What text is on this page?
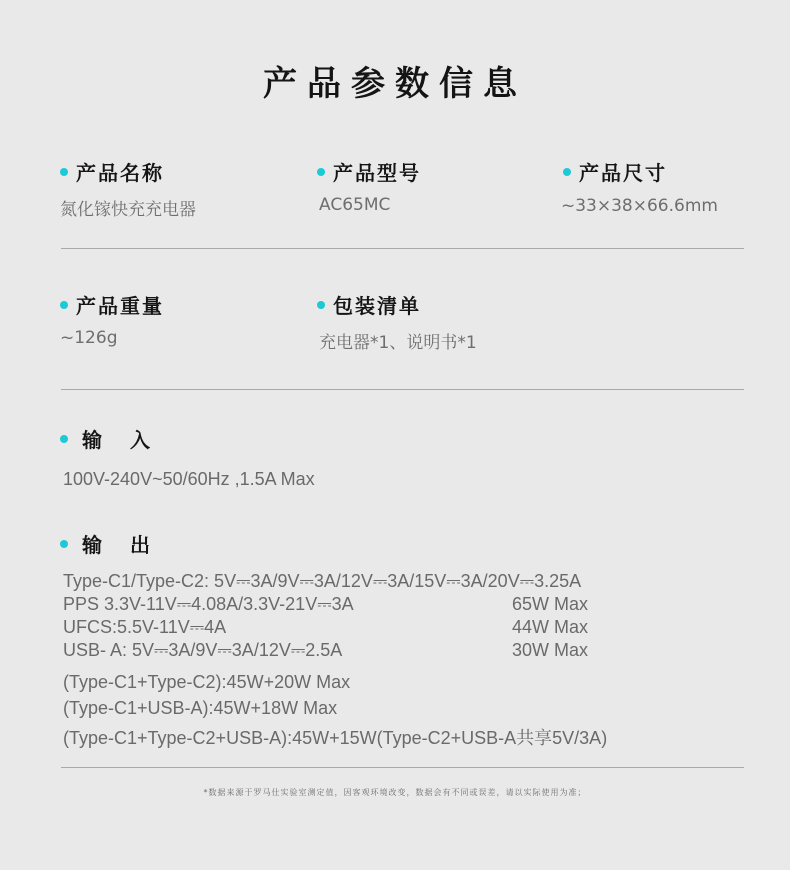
产品参数信息
产品名称
氮化镓快充充电器
产品型号
AC65MC
产品尺寸
~33×38×66.6mm
产品重量
~126g
包装清单
充电器*1、说明书*1
输　入
100V-240V~50/60Hz ,1.5A Max
输　出
Type-C1/Type-C2: 5V⎓3A/9V⎓3A/12V⎓3A/15V⎓3A/20V⎓3.25A
PPS 3.3V-11V⎓4.08A/3.3V-21V⎓3A	65W Max
UFCS:5.5V-11V⎓4A	44W Max
USB- A: 5V⎓3A/9V⎓3A/12V⎓2.5A	30W Max
(Type-C1+Type-C2):45W+20W Max
(Type-C1+USB-A):45W+18W Max
(Type-C1+Type-C2+USB-A):45W+15W(Type-C2+USB-A共享5V/3A)
*数据来源于罗马仕实验室测定值，因客观环境改变，数据会有不同或误差，请以实际使用为准；
